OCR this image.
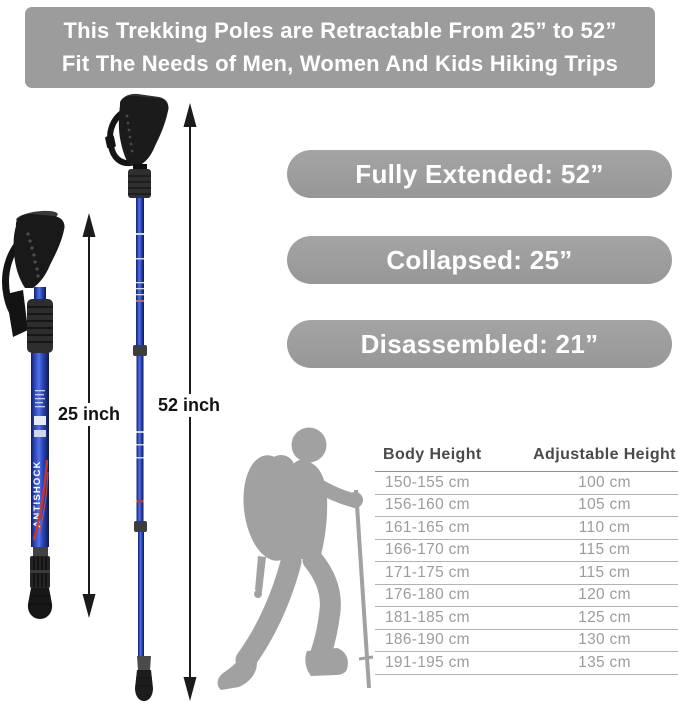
This Trekking Poles are Retractable From 25” to 52”
Fit The Needs of Men, Women And Kids Hiking Trips
ANTISHOCK
25 inch	52 inch
Fully Extended: 52”
Collapsed: 25”
Disassembled: 21”
Body Height	Adjustable Height
150-155 cm	100 cm
156-160 cm	105 cm
161-165 cm	110 cm
166-170 cm	115 cm
171-175 cm	115 cm
176-180 cm	120 cm
181-185 cm	125 cm
186-190 cm	130 cm
191-195 cm	135 cm
